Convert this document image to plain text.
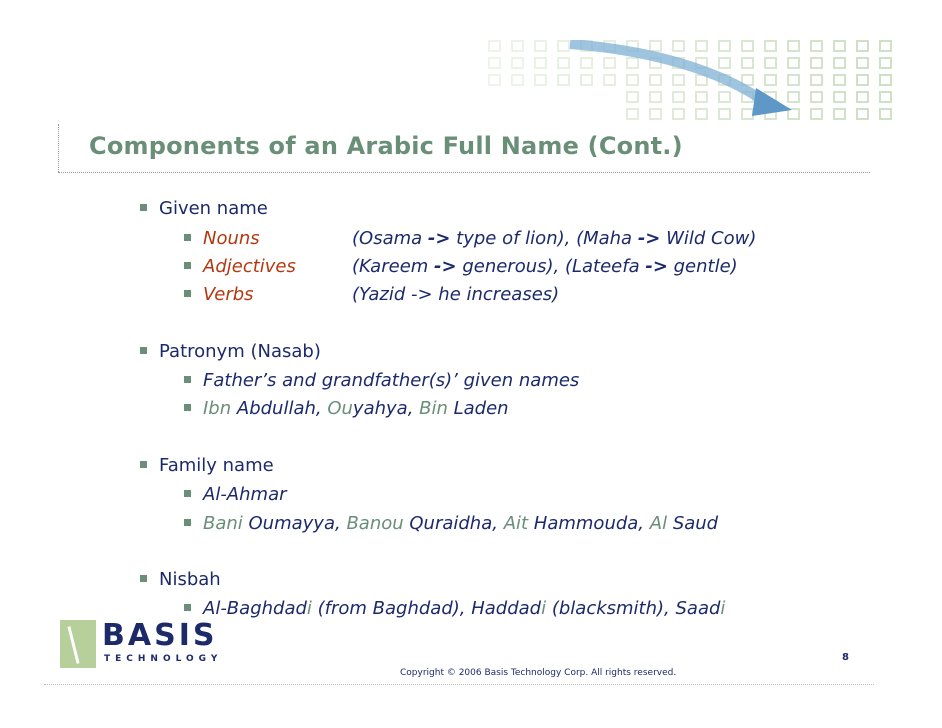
Components of an Arabic Full Name (Cont.)
Given name
Nouns	(Osama -> type of lion), (Maha -> Wild Cow)
Adjectives	(Kareem -> generous), (Lateefa -> gentle)
Verbs	(Yazid -> he increases)
Patronym (Nasab)
Father’s and grandfather(s)’ given names
Ibn Abdullah, Ouyahya, Bin Laden
Family name
Al-Ahmar
Bani Oumayya, Banou Quraidha, Ait Hammouda, Al Saud
Nisbah
Al-Baghdadi (from Baghdad), Haddadi (blacksmith), Saadi
BASIS
TECHNOLOGY	8
Copyright © 2006 Basis Technology Corp. All rights reserved.
